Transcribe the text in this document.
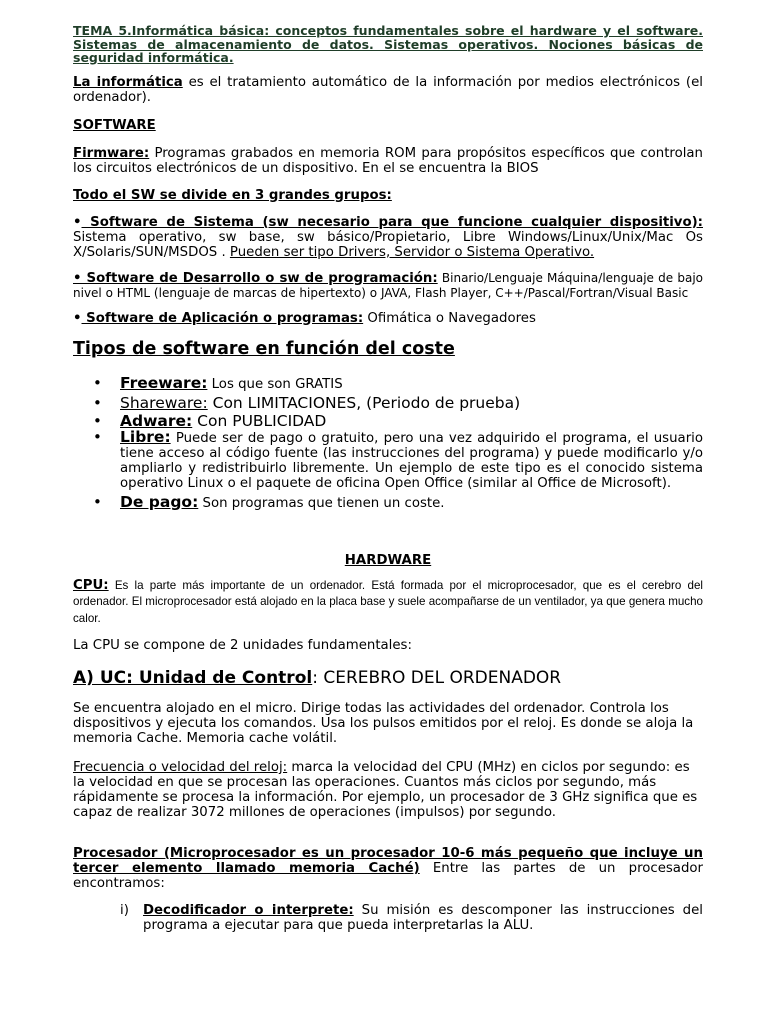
TEMA 5.Informática básica: conceptos fundamentales sobre el hardware y el software. Sistemas de almacenamiento de datos. Sistemas operativos. Nociones básicas de seguridad informática.

La informática es el tratamiento automático de la información por medios electrónicos (el ordenador).

SOFTWARE

Firmware: Programas grabados en memoria ROM para propósitos específicos que controlan los circuitos electrónicos de un dispositivo. En el se encuentra la BIOS

Todo el SW se divide en 3 grandes grupos:

• Software de Sistema (sw necesario para que funcione cualquier dispositivo): Sistema operativo, sw base, sw básico/Propietario, Libre Windows/Linux/Unix/Mac Os X/Solaris/SUN/MSDOS . Pueden ser tipo Drivers, Servidor o Sistema Operativo.

• Software de Desarrollo o sw de programación: Binario/Lenguaje Máquina/lenguaje de bajo nivel o HTML (lenguaje de marcas de hipertexto) o JAVA, Flash Player, C++/Pascal/Fortran/Visual Basic

• Software de Aplicación o programas: Ofimática o Navegadores

Tipos de software en función del coste

• Freeware: Los que son GRATIS
• Shareware: Con LIMITACIONES, (Periodo de prueba)
• Adware: Con PUBLICIDAD
• Libre: Puede ser de pago o gratuito, pero una vez adquirido el programa, el usuario tiene acceso al código fuente (las instrucciones del programa) y puede modificarlo y/o ampliarlo y redistribuirlo libremente. Un ejemplo de este tipo es el conocido sistema operativo Linux o el paquete de oficina Open Office (similar al Office de Microsoft).
• De pago: Son programas que tienen un coste.

HARDWARE

CPU: Es la parte más importante de un ordenador. Está formada por el microprocesador, que es el cerebro del ordenador. El microprocesador está alojado en la placa base y suele acompañarse de un ventilador, ya que genera mucho calor.

La CPU se compone de 2 unidades fundamentales:

A) UC: Unidad de Control: CEREBRO DEL ORDENADOR

Se encuentra alojado en el micro. Dirige todas las actividades del ordenador. Controla los dispositivos y ejecuta los comandos. Usa los pulsos emitidos por el reloj. Es donde se aloja la memoria Cache. Memoria cache volátil.

Frecuencia o velocidad del reloj: marca la velocidad del CPU (MHz) en ciclos por segundo: es la velocidad en que se procesan las operaciones. Cuantos más ciclos por segundo, más rápidamente se procesa la información. Por ejemplo, un procesador de 3 GHz significa que es capaz de realizar 3072 millones de operaciones (impulsos) por segundo.

Procesador (Microprocesador es un procesador 10-6 más pequeño que incluye un tercer elemento llamado memoria Caché) Entre las partes de un procesador encontramos:

i) Decodificador o interprete: Su misión es descomponer las instrucciones del programa a ejecutar para que pueda interpretarlas la ALU.
